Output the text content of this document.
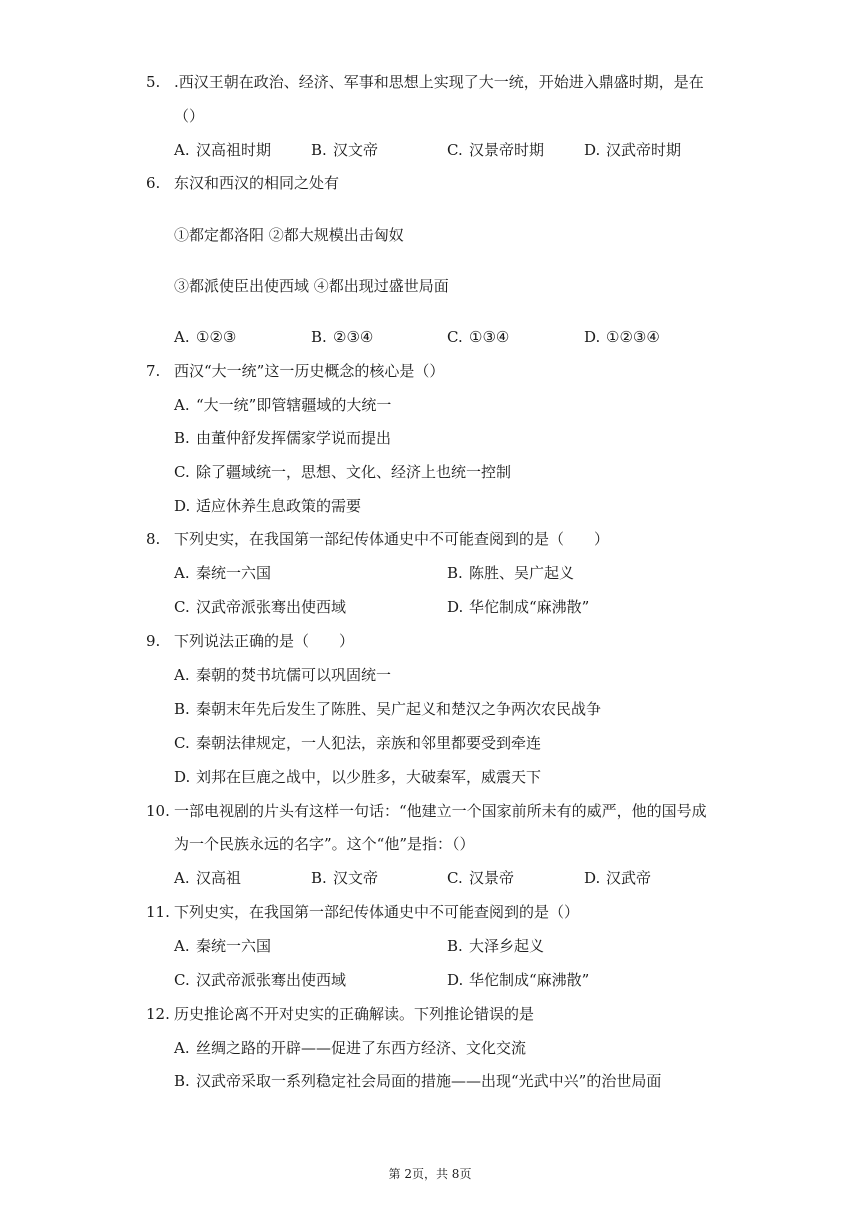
5. .西汉王朝在政治、经济、军事和思想上实现了大一统，开始进入鼎盛时期，是在
（）
A. 汉高祖时期	B. 汉文帝	C. 汉景帝时期	D. 汉武帝时期
6. 东汉和西汉的相同之处有
①都定都洛阳 ②都大规模出击匈奴
③都派使臣出使西域 ④都出现过盛世局面
A. ①②③	B. ②③④	C. ①③④	D. ①②③④
7. 西汉“大一统”这一历史概念的核心是（）
A. “大一统”即管辖疆域的大统一
B. 由董仲舒发挥儒家学说而提出
C. 除了疆域统一，思想、文化、经济上也统一控制
D. 适应休养生息政策的需要
8. 下列史实，在我国第一部纪传体通史中不可能查阅到的是（　　）
A. 秦统一六国	B. 陈胜、吴广起义
C. 汉武帝派张骞出使西域	D. 华佗制成“麻沸散”
9. 下列说法正确的是（　　）
A. 秦朝的焚书坑儒可以巩固统一
B. 秦朝末年先后发生了陈胜、吴广起义和楚汉之争两次农民战争
C. 秦朝法律规定，一人犯法，亲族和邻里都要受到牵连
D. 刘邦在巨鹿之战中，以少胜多，大破秦军，威震天下
10. 一部电视剧的片头有这样一句话：“他建立一个国家前所未有的威严，他的国号成
为一个民族永远的名字”。这个“他”是指：（）
A. 汉高祖	B. 汉文帝	C. 汉景帝	D. 汉武帝
11. 下列史实，在我国第一部纪传体通史中不可能查阅到的是（）
A. 秦统一六国	B. 大泽乡起义
C. 汉武帝派张骞出使西域	D. 华佗制成“麻沸散”
12. 历史推论离不开对史实的正确解读。下列推论错误的是
A. 丝绸之路的开辟——促进了东西方经济、文化交流
B. 汉武帝采取一系列稳定社会局面的措施——出现“光武中兴”的治世局面
第 2页，共 8页
